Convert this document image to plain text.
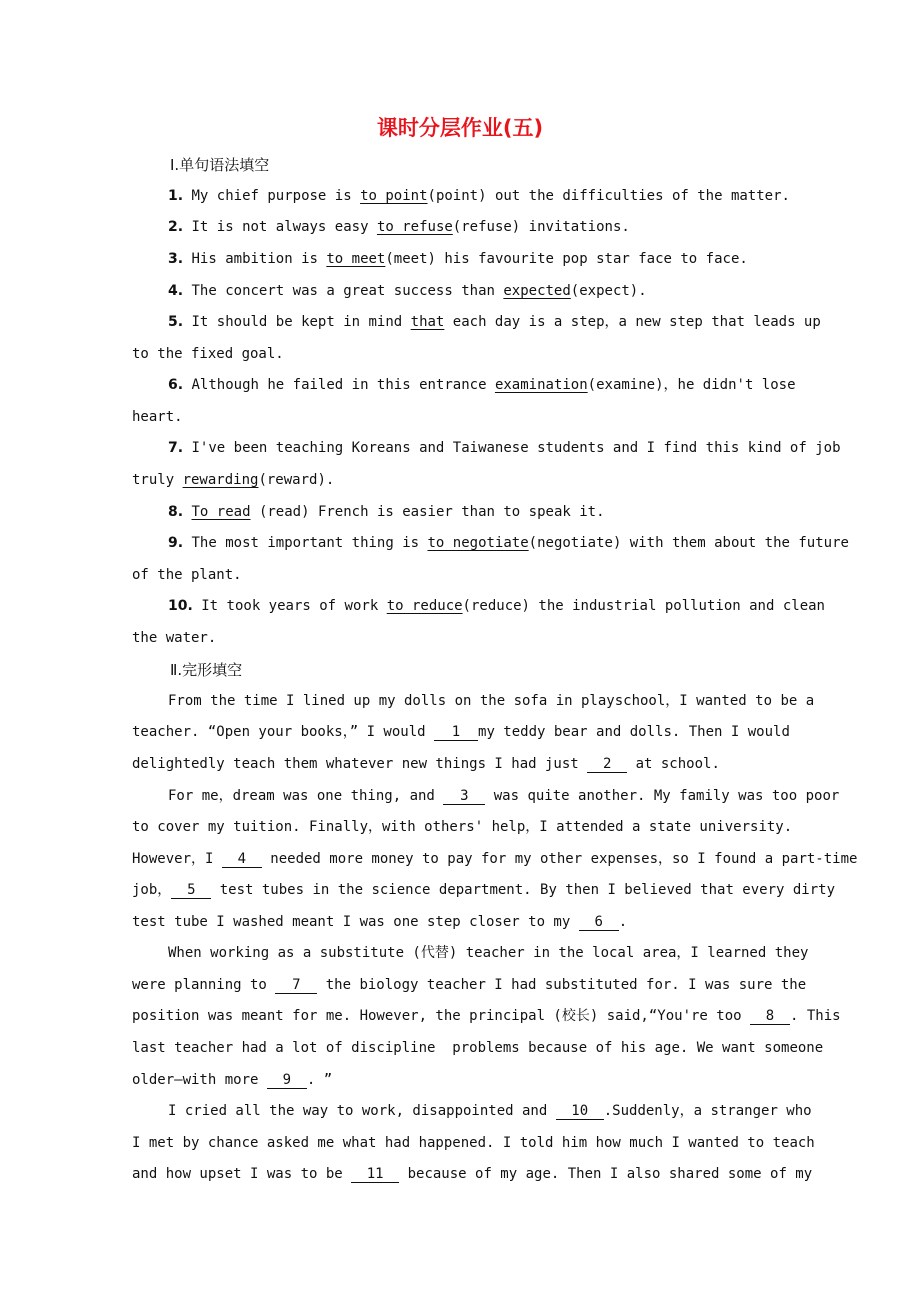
课时分层作业(五)
Ⅰ.单句语法填空
1. My chief purpose is to point(point) out the difficulties of the matter.
2. It is not always easy to refuse(refuse) invitations.
3. His ambition is to meet(meet) his favourite pop star face to face.
4. The concert was a great success than expected(expect).
5. It should be kept in mind that each day is a step，a new step that leads up
to the fixed goal.
6. Although he failed in this entrance examination(examine)，he didn't lose
heart.
7. I've been teaching Koreans and Taiwanese students and I find this kind of job
truly rewarding(reward).
8. To read (read) French is easier than to speak it.
9. The most important thing is to negotiate(negotiate) with them about the future
of the plant.
10. It took years of work to reduce(reduce) the industrial pollution and clean
the water.
Ⅱ.完形填空
From the time I lined up my dolls on the sofa in playschool，I wanted to be a
teacher. “Open your books，” I would 1 my teddy bear and dolls. Then I would
delightedly teach them whatever new things I had just 2 at school.
For me，dream was one thing, and 3 was quite another. My family was too poor
to cover my tuition. Finally，with others' help，I attended a state university.
However，I 4 needed more money to pay for my other expenses，so I found a part-time
job， 5 test tubes in the science department. By then I believed that every dirty
test tube I washed meant I was one step closer to my 6 .
When working as a substitute (代替) teacher in the local area，I learned they
were planning to 7 the biology teacher I had substituted for. I was sure the
position was meant for me. However, the principal (校长) said,“You're too 8 . This
last teacher had a lot of discipline  problems because of his age. We want someone
older—with more 9 . ”
I cried all the way to work, disappointed and 10 .Suddenly，a stranger who
I met by chance asked me what had happened. I told him how much I wanted to teach
and how upset I was to be 11 because of my age. Then I also shared some of my
